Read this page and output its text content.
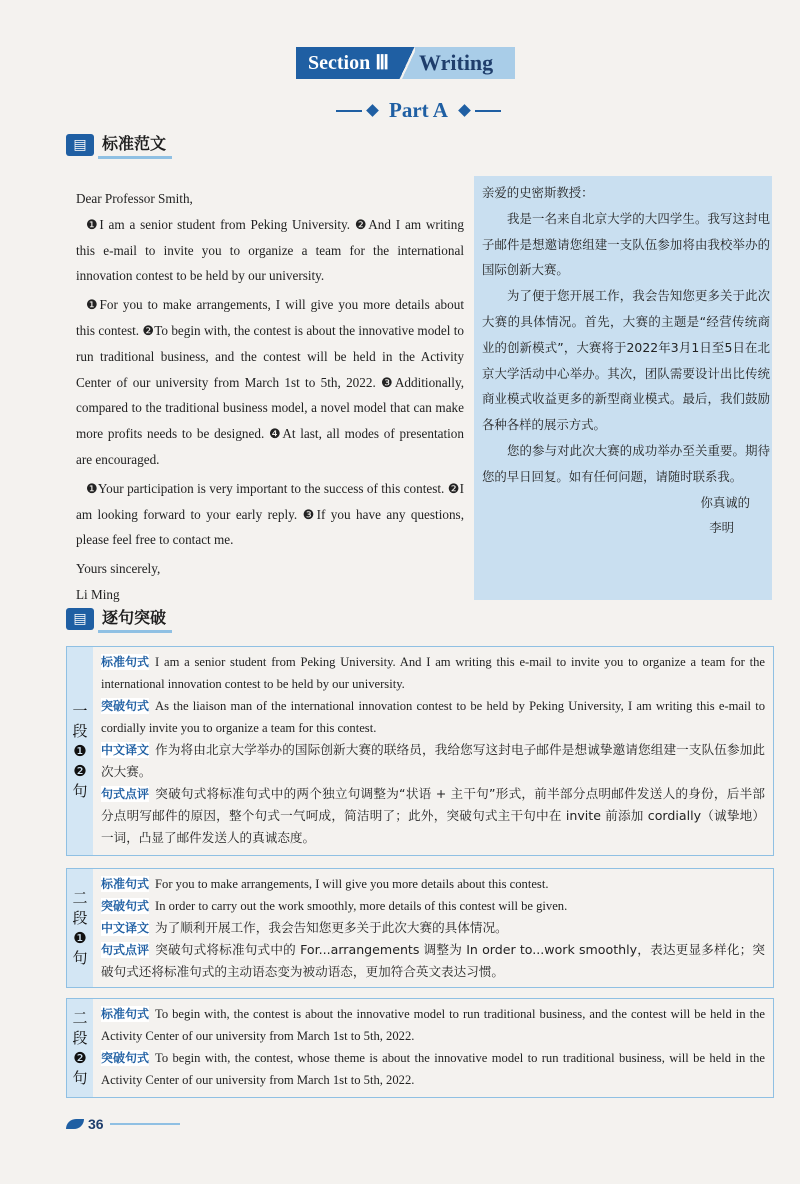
Section Ⅲ	Writing
Part A
▤ 标准范文

Dear Professor Smith,

❶I am a senior student from Peking University. ❷And I am writing this e-mail to invite you to organize a team for the international innovation contest to be held by our university.

❶For you to make arrangements, I will give you more details about this contest. ❷To begin with, the contest is about the innovative model to run traditional business, and the contest will be held in the Activity Center of our university from March 1st to 5th, 2022. ❸Additionally, compared to the traditional business model, a novel model that can make more profits needs to be designed. ❹At last, all modes of presentation are encouraged.

❶Your participation is very important to the success of this contest. ❷I am looking forward to your early reply. ❸If you have any questions, please feel free to contact me.

Yours sincerely,

Li Ming

亲爱的史密斯教授：

我是一名来自北京大学的大四学生。我写这封电子邮件是想邀请您组建一支队伍参加将由我校举办的国际创新大赛。

为了便于您开展工作，我会告知您更多关于此次大赛的具体情况。首先，大赛的主题是“经营传统商业的创新模式”，大赛将于2022年3月1日至5日在北京大学活动中心举办。其次，团队需要设计出比传统商业模式收益更多的新型商业模式。最后，我们鼓励各种各样的展示方式。

您的参与对此次大赛的成功举办至关重要。期待您的早日回复。如有任何问题，请随时联系我。

你真诚的

李明

▤ 逐句突破
一
段
❶
❷
句

标准句式 I am a senior student from Peking University. And I am writing this e-mail to invite you to organize a team for the international innovation contest to be held by our university.

突破句式 As the liaison man of the international innovation contest to be held by Peking University, I am writing this e-mail to cordially invite you to organize a team for this contest.

中文译文 作为将由北京大学举办的国际创新大赛的联络员，我给您写这封电子邮件是想诚挚邀请您组建一支队伍参加此次大赛。

句式点评 突破句式将标准句式中的两个独立句调整为“状语 + 主干句”形式，前半部分点明邮件发送人的身份，后半部分点明写邮件的原因，整个句式一气呵成，简洁明了；此外，突破句式主干句中在 invite 前添加 cordially（诚挚地）一词，凸显了邮件发送人的真诚态度。

二
段
❶
句

标准句式 For you to make arrangements, I will give you more details about this contest.

突破句式 In order to carry out the work smoothly, more details of this contest will be given.

中文译文 为了顺利开展工作，我会告知您更多关于此次大赛的具体情况。

句式点评 突破句式将标准句式中的 For...arrangements 调整为 In order to...work smoothly，表达更显多样化；突破句式还将标准句式的主动语态变为被动语态，更加符合英文表达习惯。

二
段
❷
句

标准句式 To begin with, the contest is about the innovative model to run traditional business, and the contest will be held in the Activity Center of our university from March 1st to 5th, 2022.

突破句式 To begin with, the contest, whose theme is about the innovative model to run traditional business, will be held in the Activity Center of our university from March 1st to 5th, 2022.

36
